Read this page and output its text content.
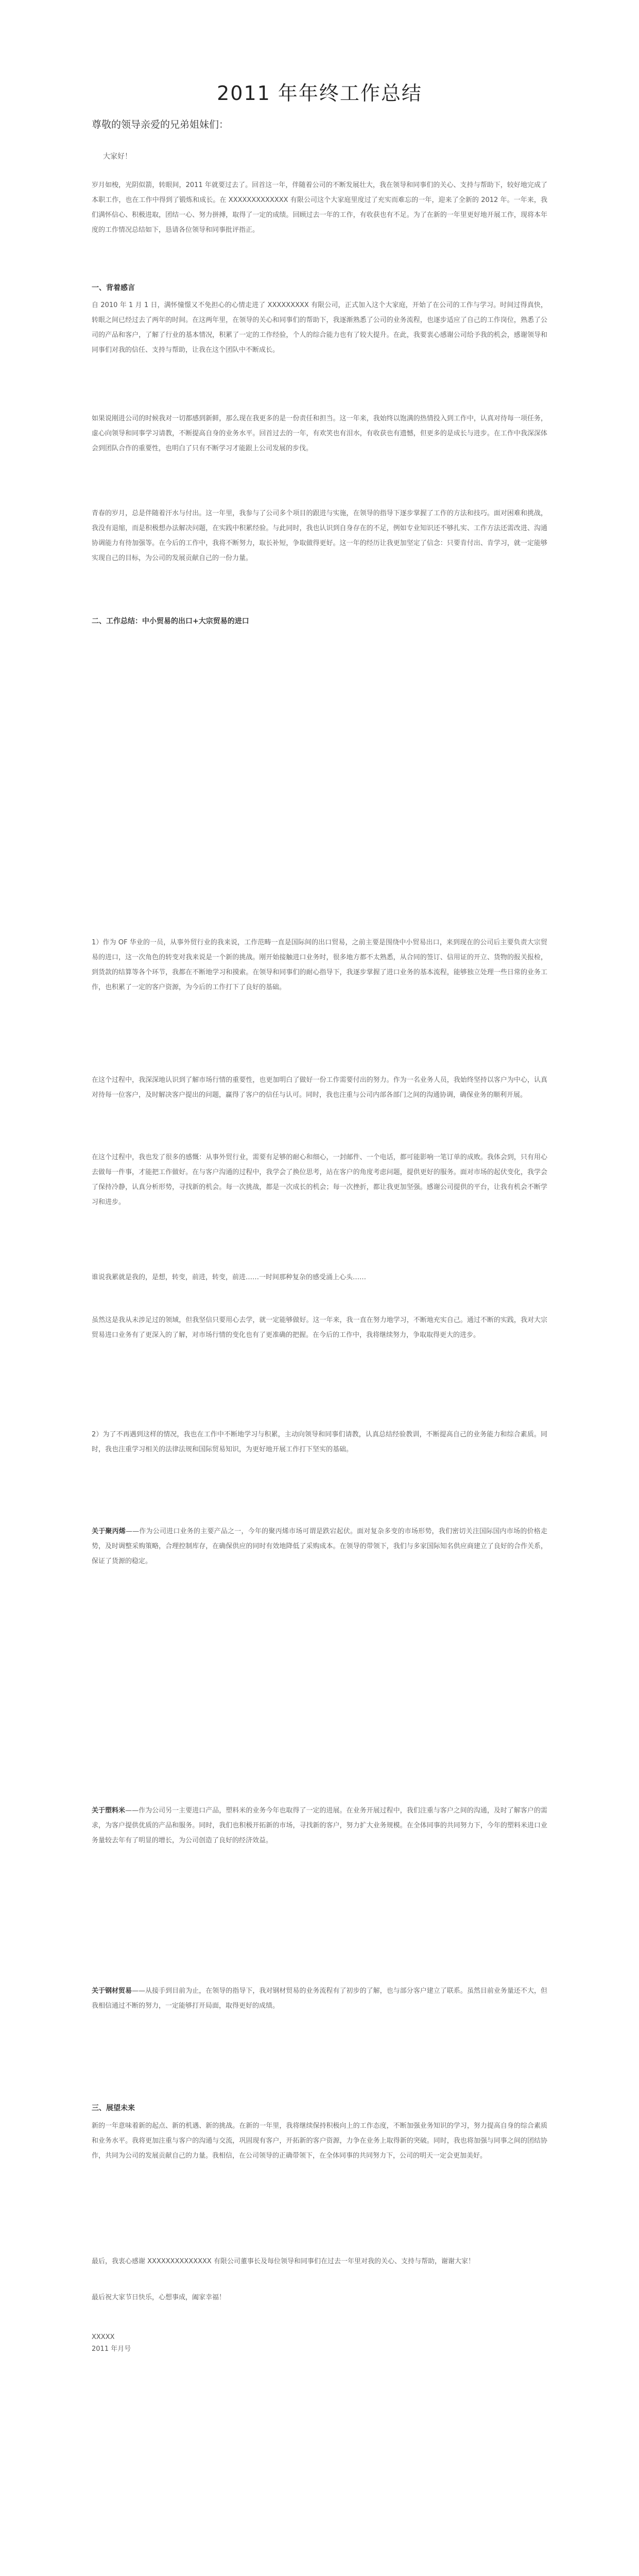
2011 年年终工作总结

尊敬的领导亲爱的兄弟姐妹们：

大家好！

岁月如梭，光阴似箭，转眼间，2011 年就要过去了。回首这一年，伴随着公司的不断发展壮大，我在领导和同事们的关心、支持与帮助下，较好地完成了本职工作，也在工作中得到了锻炼和成长。在 XXXXXXXXXXXXX 有限公司这个大家庭里度过了充实而难忘的一年，迎来了全新的 2012 年。一年来，我们满怀信心、积极进取，团结一心、努力拼搏，取得了一定的成绩。回顾过去一年的工作，有收获也有不足。为了在新的一年里更好地开展工作，现将本年度的工作情况总结如下，恳请各位领导和同事批评指正。

一、背着感言

自 2010 年 1 月 1 日，满怀憧憬又不免担心的心情走进了 XXXXXXXXX 有限公司，正式加入这个大家庭，开始了在公司的工作与学习。时间过得真快，转眼之间已经过去了两年的时间。在这两年里，在领导的关心和同事们的帮助下，我逐渐熟悉了公司的业务流程，也逐步适应了自己的工作岗位，熟悉了公司的产品和客户，了解了行业的基本情况，积累了一定的工作经验，个人的综合能力也有了较大提升。在此，我要衷心感谢公司给予我的机会，感谢领导和同事们对我的信任、支持与帮助，让我在这个团队中不断成长。

如果说刚进公司的时候我对一切都感到新鲜，那么现在我更多的是一份责任和担当。这一年来，我始终以饱满的热情投入到工作中，认真对待每一项任务，虚心向领导和同事学习请教，不断提高自身的业务水平。回首过去的一年，有欢笑也有泪水，有收获也有遗憾，但更多的是成长与进步。在工作中我深深体会到团队合作的重要性，也明白了只有不断学习才能跟上公司发展的步伐。

青春的岁月，总是伴随着汗水与付出。这一年里，我参与了公司多个项目的跟进与实施，在领导的指导下逐步掌握了工作的方法和技巧。面对困难和挑战，我没有退缩，而是积极想办法解决问题，在实践中积累经验。与此同时，我也认识到自身存在的不足，例如专业知识还不够扎实、工作方法还需改进、沟通协调能力有待加强等。在今后的工作中，我将不断努力，取长补短，争取做得更好。这一年的经历让我更加坚定了信念：只要肯付出、肯学习，就一定能够实现自己的目标，为公司的发展贡献自己的一份力量。

二、工作总结：中小贸易的出口+大宗贸易的进口

1）作为 OF 华业的一员，从事外贸行业的我来说，工作范畴一直是国际间的出口贸易，之前主要是围绕中小贸易出口，来到现在的公司后主要负责大宗贸易的进口，这一次角色的转变对我来说是一个新的挑战。刚开始接触进口业务时，很多地方都不太熟悉，从合同的签订、信用证的开立、货物的报关报检，到货款的结算等各个环节，我都在不断地学习和摸索。在领导和同事们的耐心指导下，我逐步掌握了进口业务的基本流程，能够独立处理一些日常的业务工作，也积累了一定的客户资源，为今后的工作打下了良好的基础。

在这个过程中，我深深地认识到了解市场行情的重要性，也更加明白了做好一份工作需要付出的努力。作为一名业务人员，我始终坚持以客户为中心，认真对待每一位客户，及时解决客户提出的问题，赢得了客户的信任与认可。同时，我也注重与公司内部各部门之间的沟通协调，确保业务的顺利开展。

在这个过程中，我也发了很多的感慨：从事外贸行业，需要有足够的耐心和细心，一封邮件、一个电话，都可能影响一笔订单的成败。我体会到，只有用心去做每一件事，才能把工作做好。在与客户沟通的过程中，我学会了换位思考，站在客户的角度考虑问题，提供更好的服务。面对市场的起伏变化，我学会了保持冷静，认真分析形势，寻找新的机会。每一次挑战，都是一次成长的机会；每一次挫折，都让我更加坚强。感谢公司提供的平台，让我有机会不断学习和进步。

谁说我累就是我的，是想，转变，前进，转变，前进……一时间那种复杂的感受涌上心头……

虽然这是我从未涉足过的领域，但我坚信只要用心去学，就一定能够做好。这一年来，我一直在努力地学习，不断地充实自己。通过不断的实践，我对大宗贸易进口业务有了更深入的了解，对市场行情的变化也有了更准确的把握。在今后的工作中，我将继续努力，争取取得更大的进步。

2）为了不再遇到这样的情况，我也在工作中不断地学习与积累，主动向领导和同事们请教，认真总结经验教训，不断提高自己的业务能力和综合素质。同时，我也注重学习相关的法律法规和国际贸易知识，为更好地开展工作打下坚实的基础。

关于聚丙烯——作为公司进口业务的主要产品之一，今年的聚丙烯市场可谓是跌宕起伏。面对复杂多变的市场形势，我们密切关注国际国内市场的价格走势，及时调整采购策略，合理控制库存，在确保供应的同时有效地降低了采购成本。在领导的带领下，我们与多家国际知名供应商建立了良好的合作关系，保证了货源的稳定。

关于塑料米——作为公司另一主要进口产品，塑料米的业务今年也取得了一定的进展。在业务开展过程中，我们注重与客户之间的沟通，及时了解客户的需求，为客户提供优质的产品和服务。同时，我们也积极开拓新的市场，寻找新的客户，努力扩大业务规模。在全体同事的共同努力下，今年的塑料米进口业务量较去年有了明显的增长，为公司创造了良好的经济效益。

关于钢材贸易——从接手到目前为止，在领导的指导下，我对钢材贸易的业务流程有了初步的了解，也与部分客户建立了联系。虽然目前业务量还不大，但我相信通过不断的努力，一定能够打开局面，取得更好的成绩。

三、展望未来

新的一年意味着新的起点、新的机遇、新的挑战。在新的一年里，我将继续保持积极向上的工作态度，不断加强业务知识的学习，努力提高自身的综合素质和业务水平。我将更加注重与客户的沟通与交流，巩固现有客户，开拓新的客户资源，力争在业务上取得新的突破。同时，我也将加强与同事之间的团结协作，共同为公司的发展贡献自己的力量。我相信，在公司领导的正确带领下，在全体同事的共同努力下，公司的明天一定会更加美好。

最后，我衷心感谢 XXXXXXXXXXXXXX 有限公司董事长及每位领导和同事们在过去一年里对我的关心、支持与帮助，谢谢大家！

最后祝大家节日快乐，心想事成，阖家幸福！

XXXXX

2011 年月号
